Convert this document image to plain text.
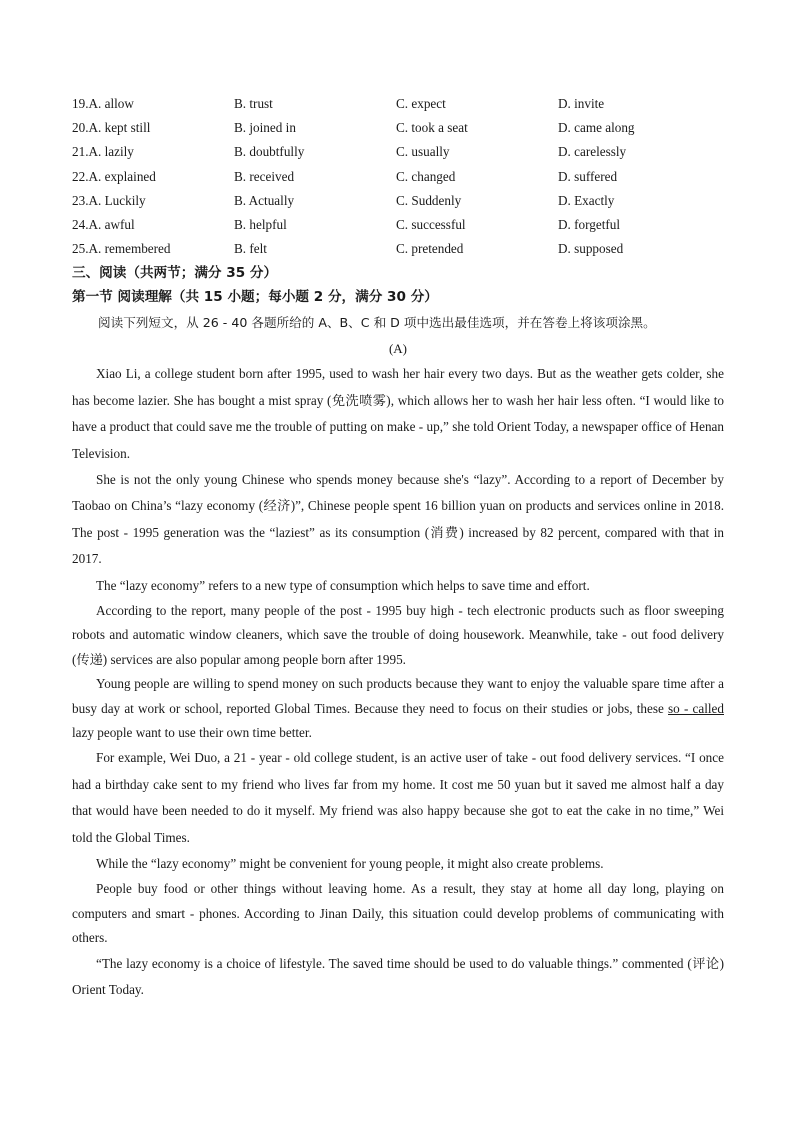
19.A. allow	B. trust	C. expect	D. invite
20.A. kept still	B. joined in	C. took a seat	D. came along
21.A. lazily	B. doubtfully	C. usually	D. carelessly
22.A. explained	B. received	C. changed	D. suffered
23.A. Luckily	B. Actually	C. Suddenly	D. Exactly
24.A. awful	B. helpful	C. successful	D. forgetful
25.A. remembered	B. felt	C. pretended	D. supposed
三、阅读（共两节；满分 35 分）
第一节 阅读理解（共 15 小题；每小题 2 分，满分 30 分）
阅读下列短文，从 26 - 40 各题所给的 A、B、C 和 D 项中选出最佳选项，并在答卷上将该项涂黑。
(A)

Xiao Li, a college student born after 1995, used to wash her hair every two days. But as the weather gets colder, she has become lazier. She has bought a mist spray (免洗喷雾), which allows her to wash her hair less often. “I would like to have a product that could save me the trouble of putting on make - up,” she told Orient Today, a newspaper office of Henan Television.

She is not the only young Chinese who spends money because she's “lazy”. According to a report of December by Taobao on China’s “lazy economy (经济)”, Chinese people spent 16 billion yuan on products and services online in 2018. The post - 1995 generation was the “laziest” as its consumption (消费) increased by 82 percent, compared with that in 2017.

The “lazy economy” refers to a new type of consumption which helps to save time and effort.

According to the report, many people of the post - 1995 buy high - tech electronic products such as floor sweeping robots and automatic window cleaners, which save the trouble of doing housework. Meanwhile, take - out food delivery (传递) services are also popular among people born after 1995.

Young people are willing to spend money on such products because they want to enjoy the valuable spare time after a busy day at work or school, reported Global Times. Because they need to focus on their studies or jobs, these so - called lazy people want to use their own time better.

For example, Wei Duo, a 21 - year - old college student, is an active user of take - out food delivery services. “I once had a birthday cake sent to my friend who lives far from my home. It cost me 50 yuan but it saved me almost half a day that would have been needed to do it myself. My friend was also happy because she got to eat the cake in no time,” Wei told the Global Times.

While the “lazy economy” might be convenient for young people, it might also create problems.

People buy food or other things without leaving home. As a result, they stay at home all day long, playing on computers and smart - phones. According to Jinan Daily, this situation could develop problems of communicating with others.

“The lazy economy is a choice of lifestyle. The saved time should be used to do valuable things.” commented (评论) Orient Today.
